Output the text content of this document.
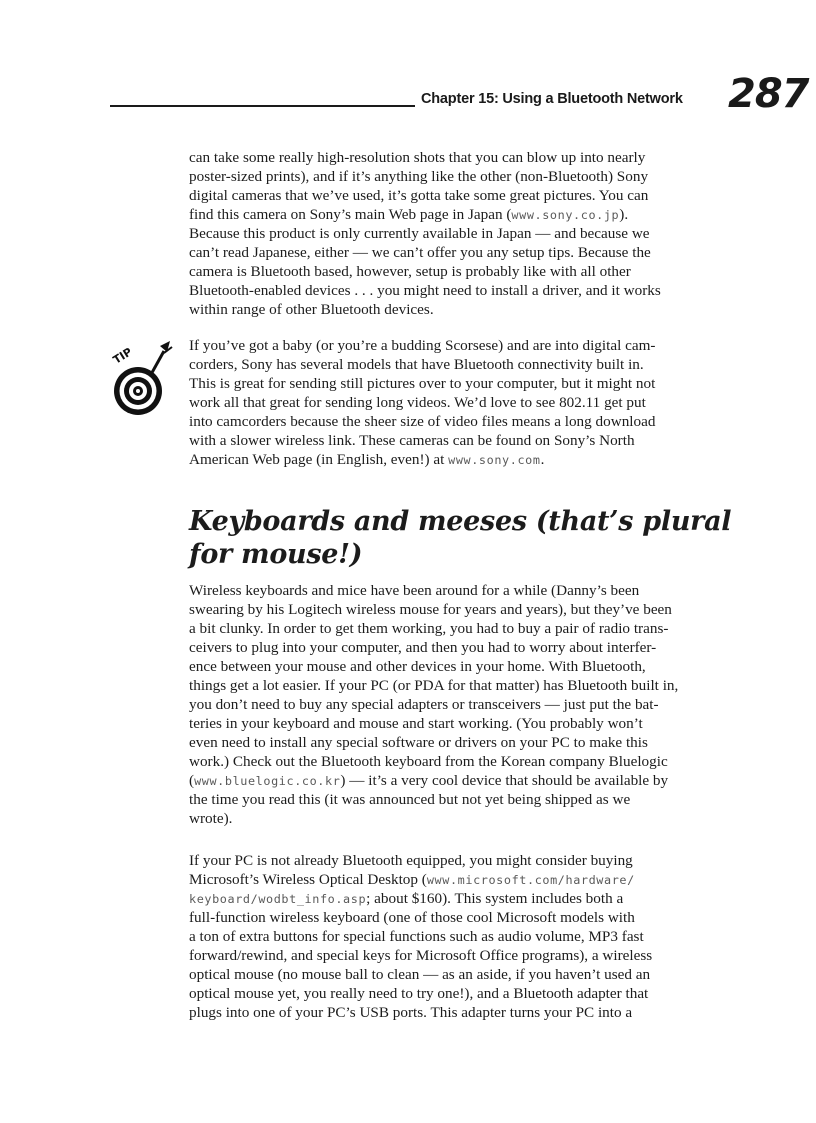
Chapter 15: Using a Bluetooth Network 287
can take some really high-resolution shots that you can blow up into nearly
poster-sized prints), and if it’s anything like the other (non-Bluetooth) Sony
digital cameras that we’ve used, it’s gotta take some great pictures. You can
find this camera on Sony’s main Web page in Japan (www.sony.co.jp).
Because this product is only currently available in Japan — and because we
can’t read Japanese, either — we can’t offer you any setup tips. Because the
camera is Bluetooth based, however, setup is probably like with all other
Bluetooth-enabled devices . . . you might need to install a driver, and it works
within range of other Bluetooth devices.
TIP	If you’ve got a baby (or you’re a budding Scorsese) and are into digital cam-
corders, Sony has several models that have Bluetooth connectivity built in.
This is great for sending still pictures over to your computer, but it might not
work all that great for sending long videos. We’d love to see 802.11 get put
into camcorders because the sheer size of video files means a long download
with a slower wireless link. These cameras can be found on Sony’s North
American Web page (in English, even!) at www.sony.com.
Keyboards and meeses (that’s plural
for mouse!)
Wireless keyboards and mice have been around for a while (Danny’s been
swearing by his Logitech wireless mouse for years and years), but they’ve been
a bit clunky. In order to get them working, you had to buy a pair of radio trans-
ceivers to plug into your computer, and then you had to worry about interfer-
ence between your mouse and other devices in your home. With Bluetooth,
things get a lot easier. If your PC (or PDA for that matter) has Bluetooth built in,
you don’t need to buy any special adapters or transceivers — just put the bat-
teries in your keyboard and mouse and start working. (You probably won’t
even need to install any special software or drivers on your PC to make this
work.) Check out the Bluetooth keyboard from the Korean company Bluelogic
(www.bluelogic.co.kr) — it’s a very cool device that should be available by
the time you read this (it was announced but not yet being shipped as we
wrote).
If your PC is not already Bluetooth equipped, you might consider buying
Microsoft’s Wireless Optical Desktop (www.microsoft.com/hardware/
keyboard/wodbt_info.asp; about $160). This system includes both a
full-function wireless keyboard (one of those cool Microsoft models with
a ton of extra buttons for special functions such as audio volume, MP3 fast
forward/rewind, and special keys for Microsoft Office programs), a wireless
optical mouse (no mouse ball to clean — as an aside, if you haven’t used an
optical mouse yet, you really need to try one!), and a Bluetooth adapter that
plugs into one of your PC’s USB ports. This adapter turns your PC into a
